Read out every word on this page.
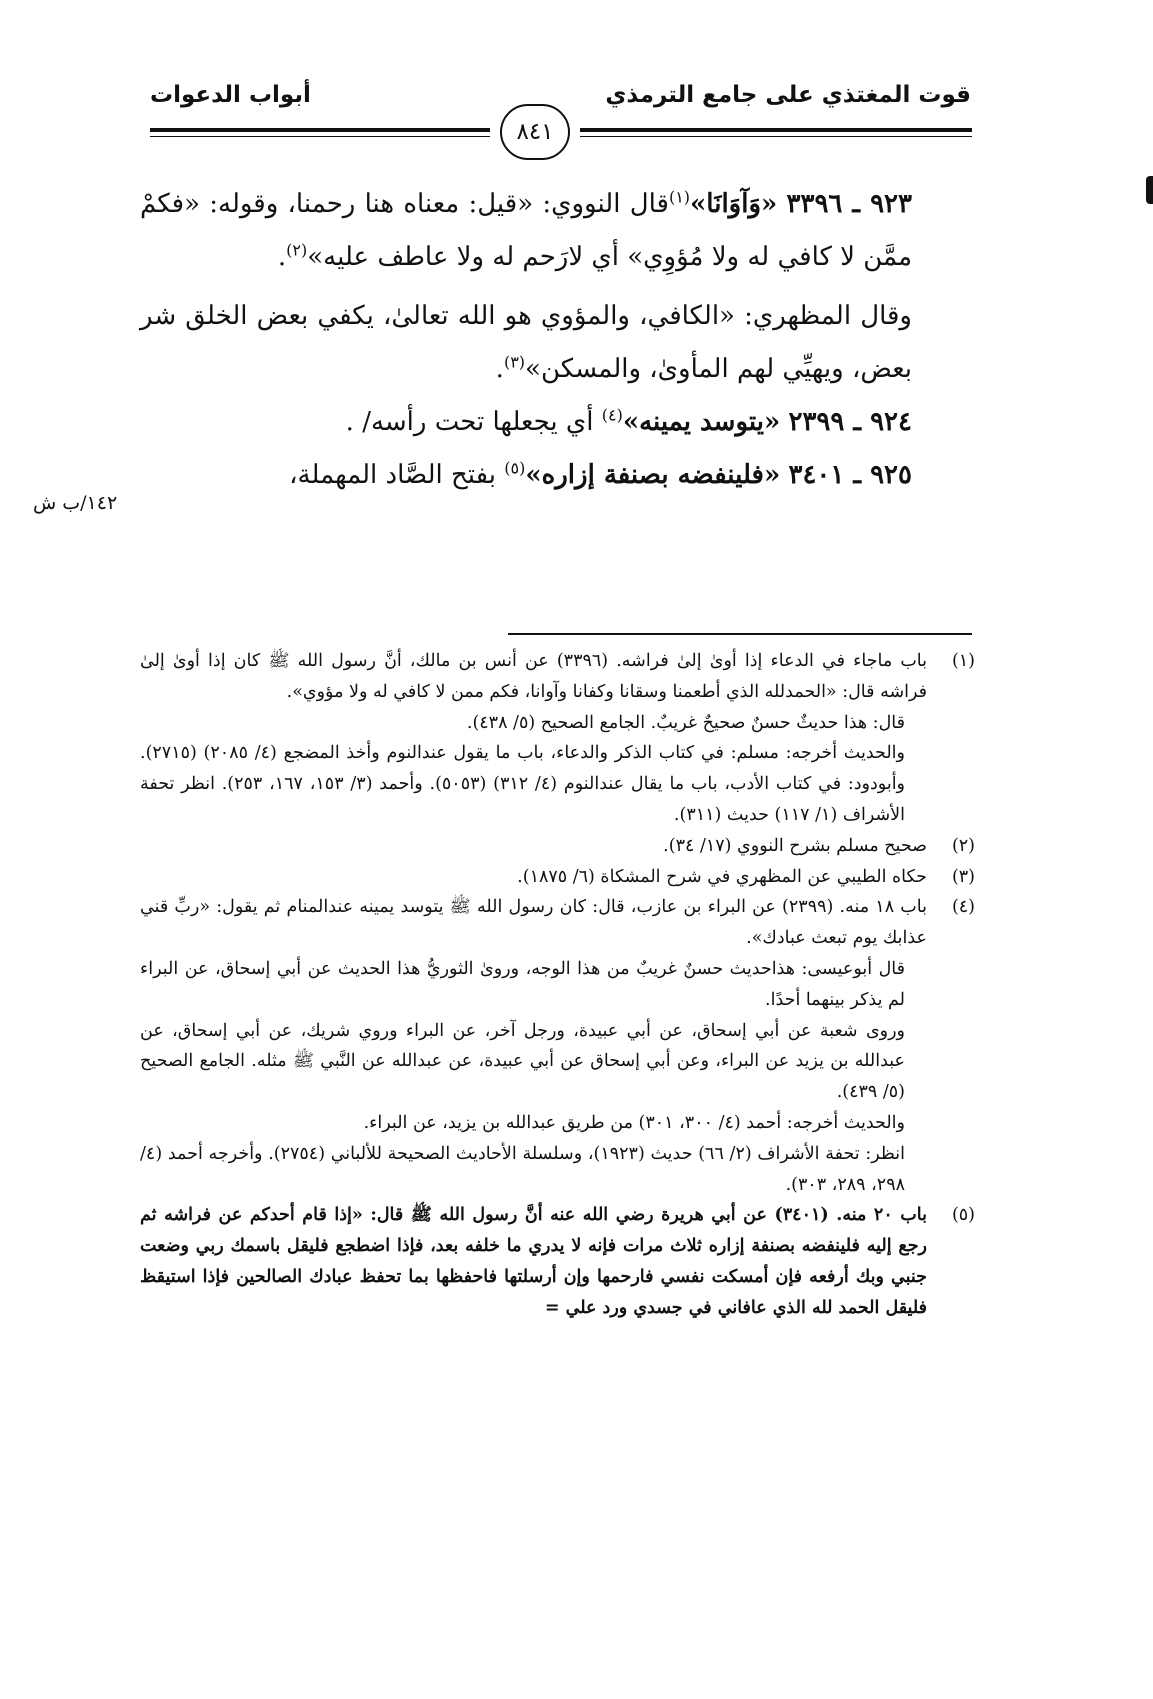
قوت المغتذي على جامع الترمذي
أبواب الدعوات
٨٤١
١٤٢/ب ش

٩٢٣ ـ ٣٣٩٦ «وَآوَانَا»$^{(١)}$قال النووي: «قيل: معناه هنا رحمنا، وقوله: «فكمْ ممَّن لا كافي له ولا مُؤوِي» أي لارَحم له ولا عاطف عليه»$^{(٢)}$.

وقال المظهري: «الكافي، والمؤوي هو الله تعالىٰ، يكفي بعض الخلق شر بعض، ويهيِّي لهم المأوىٰ، والمسكن»$^{(٣)}$.

٩٢٤ ـ ٢٣٩٩ «يتوسد يمينه»$^{(٤)}$ أي يجعلها تحت رأسه/ .

٩٢٥ ـ ٣٤٠١ «فلينفضه بصنفة إزاره»$^{(٥)}$ بفتح الصَّاد المهملة،

(١)

باب ماجاء في الدعاء إذا أوىٰ إلىٰ فراشه. (٣٣٩٦) عن أنس بن مالك، أنَّ رسول الله ﷺ كان إذا أوىٰ إلىٰ فراشه قال: «الحمدلله الذي أطعمنا وسقانا وكفانا وآوانا، فكم ممن لا كافي له ولا مؤوي».

قال: هذا حديثٌ حسنٌ صحيحٌ غريبٌ. الجامع الصحيح (٥/ ٤٣٨).

والحديث أخرجه: مسلم: في كتاب الذكر والدعاء، باب ما يقول عندالنوم وأخذ المضجع (٤/ ٢٠٨٥) (٢٧١٥). وأبودود: في كتاب الأدب، باب ما يقال عندالنوم (٤/ ٣١٢) (٥٠٥٣). وأحمد (٣/ ١٥٣، ١٦٧، ٢٥٣). انظر تحفة الأشراف (١/ ١١٧) حديث (٣١١).

(٢)

صحيح مسلم بشرح النووي (١٧/ ٣٤).

(٣)

حكاه الطيبي عن المظهري في شرح المشكاة (٦/ ١٨٧٥).

(٤)

باب ١٨ منه. (٢٣٩٩) عن البراء بن عازب، قال: كان رسول الله ﷺ يتوسد يمينه عندالمنام ثم يقول: «ربِّ قني عذابك يوم تبعث عبادك».

قال أبوعيسى: هذاحديث حسنٌ غريبٌ من هذا الوجه، وروىٰ الثوريُّ هذا الحديث عن أبي إسحاق، عن البراء لم يذكر بينهما أحدًا.

وروى شعبة عن أبي إسحاق، عن أبي عبيدة، ورجل آخر، عن البراء وروي شريك، عن أبي إسحاق، عن عبدالله بن يزيد عن البراء، وعن أبي إسحاق عن أبي عبيدة، عن عبدالله عن النَّبي ﷺ مثله. الجامع الصحيح (٥/ ٤٣٩).

والحديث أخرجه: أحمد (٤/ ٣٠٠، ٣٠١) من طريق عبدالله بن يزيد، عن البراء.

انظر: تحفة الأشراف (٢/ ٦٦) حديث (١٩٢٣)، وسلسلة الأحاديث الصحيحة للألباني (٢٧٥٤). وأخرجه أحمد (٤/ ٢٩٨، ٢٨٩، ٣٠٣).

(٥)

باب ٢٠ منه. (٣٤٠١) عن أبي هريرة رضي الله عنه أنَّ رسول الله ﷺ قال: «إذا قام أحدكم عن فراشه ثم رجع إليه فلينفضه بصنفة إزاره ثلاث مرات فإنه لا يدري ما خلفه بعد، فإذا اضطجع فليقل باسمك ربي وضعت جنبي وبك أرفعه فإن أمسكت نفسي فارحمها وإن أرسلتها فاحفظها بما تحفظ عبادك الصالحين فإذا استيقظ فليقل الحمد لله الذي عافاني في جسدي ورد علي =
